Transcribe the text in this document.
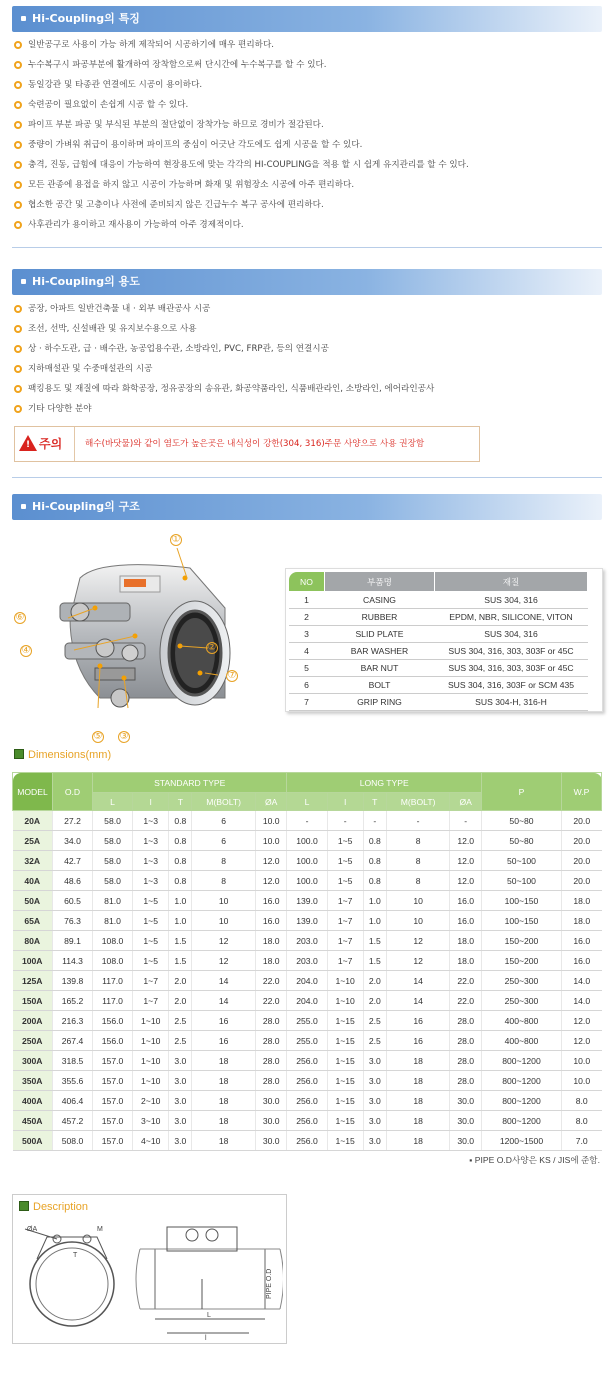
Hi-Coupling의 특징
일반공구로 사용이 가능 하게 제작되어 시공하기에 매우 편리하다.
누수복구시 파공부분에 활개하여 장착함으로써 단시간에 누수복구를 할 수 있다.
동일강관 및 타종관 연결에도 시공이 용이하다.
숙련공이 필요없이 손쉽게 시공 할 수 있다.
파이프 부분 파공 및 부식된 부분의 절단없이 장착가능 하므로 경비가 절감된다.
중량이 가벼워 취급이 용이하며 파이프의 중심이 어긋난 각도에도 쉽게 시공을 할 수 있다.
충격, 진동, 급힘에 대응이 가능하여 현장용도에 맞는 각각의 HI-COUPLING을 적용 할 시 쉽게 유지관리를 할 수 있다.
모든 관종에 용접을 하지 않고 시공이 가능하며 화재 및 위험장소 시공에 아주 편리하다.
협소한 공간 및 고층이나 사전에 준비되지 않은 긴급누수 복구 공사에 편리하다.
사후관리가 용이하고 재사용이 가능하여 아주 경제적이다.
Hi-Coupling의 용도
공장, 아파트 일반건축물 내 · 외부 배관공사 시공
조선, 선박, 신설배관 및 유지보수용으로 사용
상 · 하수도관, 급 · 배수관, 농공업용수관, 소방라인, PVC, FRP관, 등의 연결시공
지하매설관 및 수중매설관의 시공
팩킹용도 및 재질에 따라 화학공장, 정유공장의 송유관, 화공약품라인, 식품배관라인, 소방라인, 에어라인공사
기타 다양한 분야
! 주의	해수(바닷물)와 같이 염도가 높은곳은 내식성이 강한(304, 316)주문 사양으로 사용 권장함
Hi-Coupling의 구조
①
②
③
④
⑤
⑥
⑦
NO	부품명	재질
1	CASING	SUS 304, 316
2	RUBBER	EPDM, NBR, SILICONE, VITON
3	SLID PLATE	SUS 304, 316
4	BAR WASHER	SUS 304, 316, 303, 303F or 45C
5	BAR NUT	SUS 304, 316, 303, 303F or 45C
6	BOLT	SUS 304, 316, 303F or SCM 435
7	GRIP RING	SUS 304-H, 316-H
Dimensions(mm)
MODEL	O.D	STANDARD TYPE					LONG TYPE					P	W.P
		L	l	T	M(BOLT)	ØA	L	l	T	M(BOLT)	ØA		
20A	27.2	58.0	1~3	0.8	6	10.0	-	-	-	-	-	50~80	20.0
25A	34.0	58.0	1~3	0.8	6	10.0	100.0	1~5	0.8	8	12.0	50~80	20.0
32A	42.7	58.0	1~3	0.8	8	12.0	100.0	1~5	0.8	8	12.0	50~100	20.0
40A	48.6	58.0	1~3	0.8	8	12.0	100.0	1~5	0.8	8	12.0	50~100	20.0
50A	60.5	81.0	1~5	1.0	10	16.0	139.0	1~7	1.0	10	16.0	100~150	18.0
65A	76.3	81.0	1~5	1.0	10	16.0	139.0	1~7	1.0	10	16.0	100~150	18.0
80A	89.1	108.0	1~5	1.5	12	18.0	203.0	1~7	1.5	12	18.0	150~200	16.0
100A	114.3	108.0	1~5	1.5	12	18.0	203.0	1~7	1.5	12	18.0	150~200	16.0
125A	139.8	117.0	1~7	2.0	14	22.0	204.0	1~10	2.0	14	22.0	250~300	14.0
150A	165.2	117.0	1~7	2.0	14	22.0	204.0	1~10	2.0	14	22.0	250~300	14.0
200A	216.3	156.0	1~10	2.5	16	28.0	255.0	1~15	2.5	16	28.0	400~800	12.0
250A	267.4	156.0	1~10	2.5	16	28.0	255.0	1~15	2.5	16	28.0	400~800	12.0
300A	318.5	157.0	1~10	3.0	18	28.0	256.0	1~15	3.0	18	28.0	800~1200	10.0
350A	355.6	157.0	1~10	3.0	18	28.0	256.0	1~15	3.0	18	28.0	800~1200	10.0
400A	406.4	157.0	2~10	3.0	18	30.0	256.0	1~15	3.0	18	30.0	800~1200	8.0
450A	457.2	157.0	3~10	3.0	18	30.0	256.0	1~15	3.0	18	30.0	800~1200	8.0
500A	508.0	157.0	4~10	3.0	18	30.0	256.0	1~15	3.0	18	30.0	1200~1500	7.0
▪ PIPE O.D사양은 KS / JIS에 준함.
Description
ØA	M
T
L
l
PIPE O.D
